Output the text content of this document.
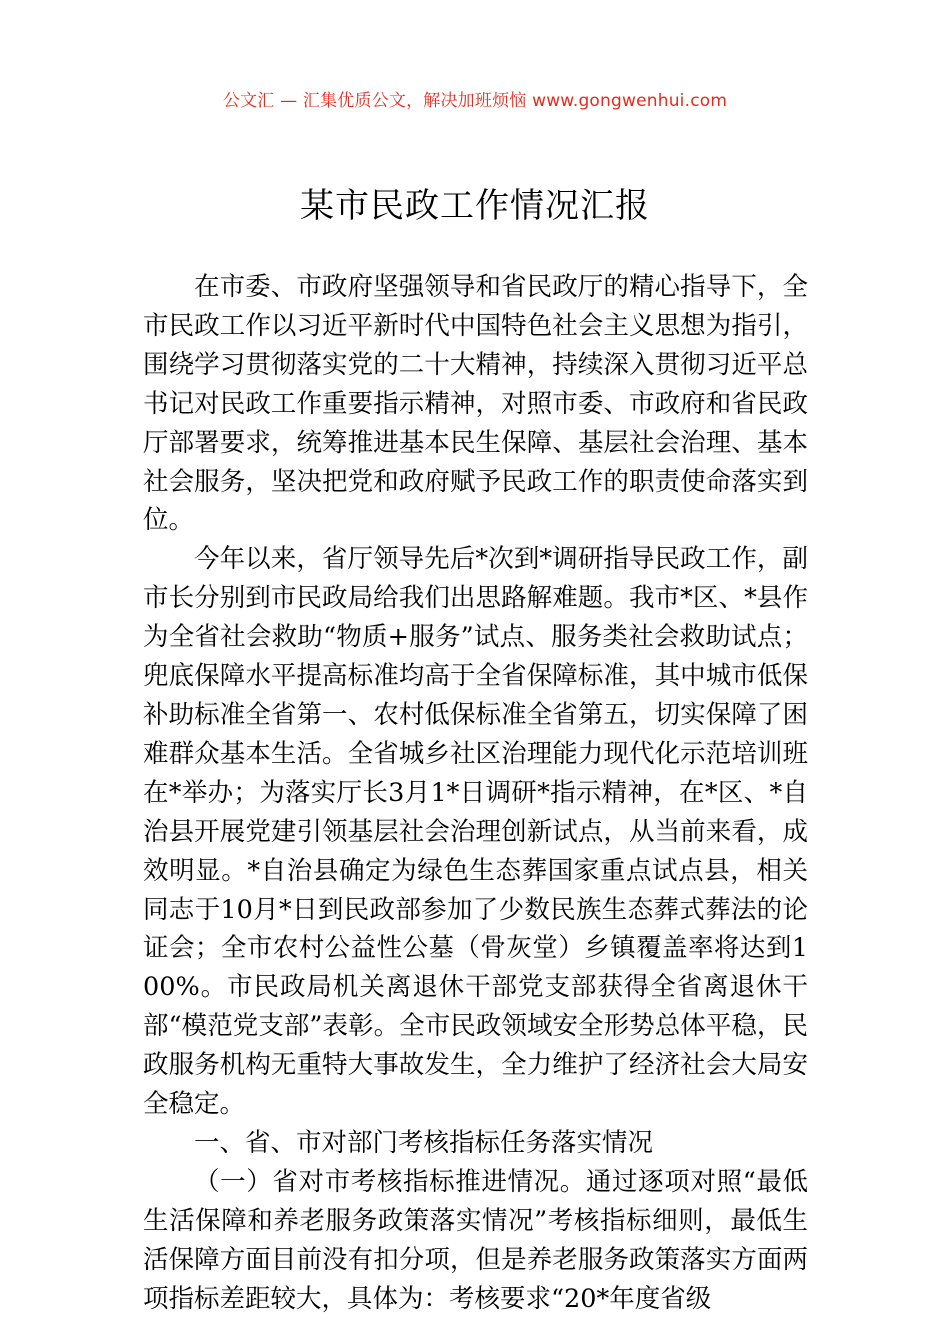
公文汇 — 汇集优质公文，解决加班烦恼 www.gongwenhui.com
某市民政工作情况汇报

在市委、市政府坚强领导和省民政厅的精心指导下，全市民政工作以习近平新时代中国特色社会主义思想为指引，围绕学习贯彻落实党的二十大精神，持续深入贯彻习近平总书记对民政工作重要指示精神，对照市委、市政府和省民政厅部署要求，统筹推进基本民生保障、基层社会治理、基本社会服务，坚决把党和政府赋予民政工作的职责使命落实到位。

今年以来，省厅领导先后*次到*调研指导民政工作，副市长分别到市民政局给我们出思路解难题。我市*区、*县作为全省社会救助“物质+服务”试点、服务类社会救助试点；兜底保障水平提高标准均高于全省保障标准，其中城市低保补助标准全省第一、农村低保标准全省第五，切实保障了困难群众基本生活。全省城乡社区治理能力现代化示范培训班在*举办；为落实厅长3月1*日调研*指示精神，在*区、*自治县开展党建引领基层社会治理创新试点，从当前来看，成效明显。*自治县确定为绿色生态葬国家重点试点县，相关同志于10月*日到民政部参加了少数民族生态葬式葬法的论证会；全市农村公益性公墓（骨灰堂）乡镇覆盖率将达到100%。市民政局机关离退休干部党支部获得全省离退休干部“模范党支部”表彰。全市民政领域安全形势总体平稳，民政服务机构无重特大事故发生，全力维护了经济社会大局安全稳定。

一、省、市对部门考核指标任务落实情况

（一）省对市考核指标推进情况。通过逐项对照“最低生活保障和养老服务政策落实情况”考核指标细则，最低生活保障方面目前没有扣分项，但是养老服务政策落实方面两项指标差距较大，具体为：考核要求“20*年度省级
